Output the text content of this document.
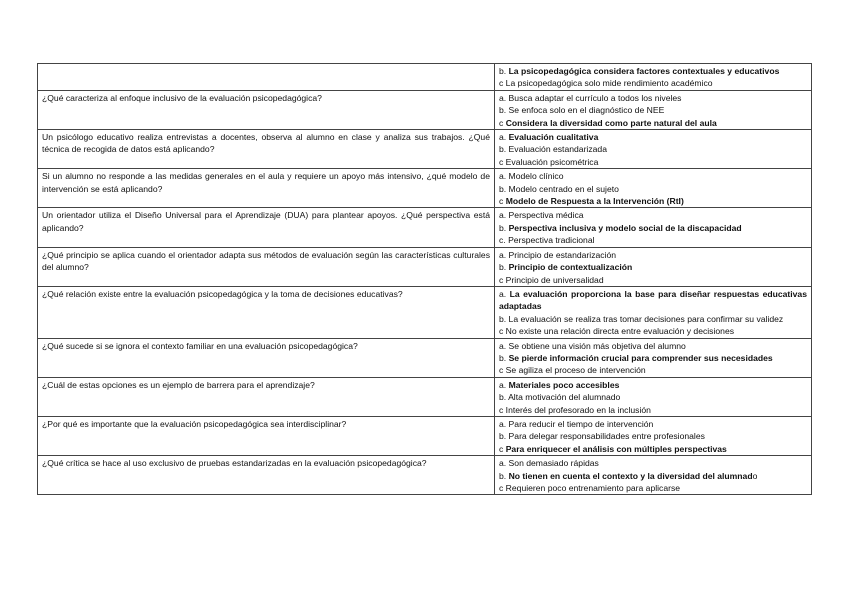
	b. La psicopedagógica considera factores contextuales y educativos
c La psicopedagógica solo mide rendimiento académico

¿Qué caracteriza al enfoque inclusivo de la evaluación psicopedagógica?	a. Busca adaptar el currículo a todos los niveles
b. Se enfoca solo en el diagnóstico de NEE
c Considera la diversidad como parte natural del aula

Un psicólogo educativo realiza entrevistas a docentes, observa al alumno en clase y analiza sus trabajos. ¿Qué técnica de recogida de datos está aplicando?	a. Evaluación cualitativa
b. Evaluación estandarizada
c Evaluación psicométrica

Si un alumno no responde a las medidas generales en el aula y requiere un apoyo más intensivo, ¿qué modelo de intervención se está aplicando?	a. Modelo clínico
b. Modelo centrado en el sujeto
c Modelo de Respuesta a la Intervención (RtI)

Un orientador utiliza el Diseño Universal para el Aprendizaje (DUA) para plantear apoyos. ¿Qué perspectiva está aplicando?	a. Perspectiva médica
b. Perspectiva inclusiva y modelo social de la discapacidad
c. Perspectiva tradicional

¿Qué principio se aplica cuando el orientador adapta sus métodos de evaluación según las características culturales del alumno?	a. Principio de estandarización
b. Principio de contextualización
c Principio de universalidad

¿Qué relación existe entre la evaluación psicopedagógica y la toma de decisiones educativas?	a. La evaluación proporciona la base para diseñar respuestas educativas adaptadas
b. La evaluación se realiza tras tomar decisiones para confirmar su validez
c No existe una relación directa entre evaluación y decisiones

¿Qué sucede si se ignora el contexto familiar en una evaluación psicopedagógica?	a. Se obtiene una visión más objetiva del alumno
b. Se pierde información crucial para comprender sus necesidades
c Se agiliza el proceso de intervención

¿Cuál de estas opciones es un ejemplo de barrera para el aprendizaje?	a. Materiales poco accesibles
b. Alta motivación del alumnado
c Interés del profesorado en la inclusión

¿Por qué es importante que la evaluación psicopedagógica sea interdisciplinar?	a. Para reducir el tiempo de intervención
b. Para delegar responsabilidades entre profesionales
c Para enriquecer el análisis con múltiples perspectivas

¿Qué crítica se hace al uso exclusivo de pruebas estandarizadas en la evaluación psicopedagógica?	a. Son demasiado rápidas
b. No tienen en cuenta el contexto y la diversidad del alumnado
c Requieren poco entrenamiento para aplicarse
